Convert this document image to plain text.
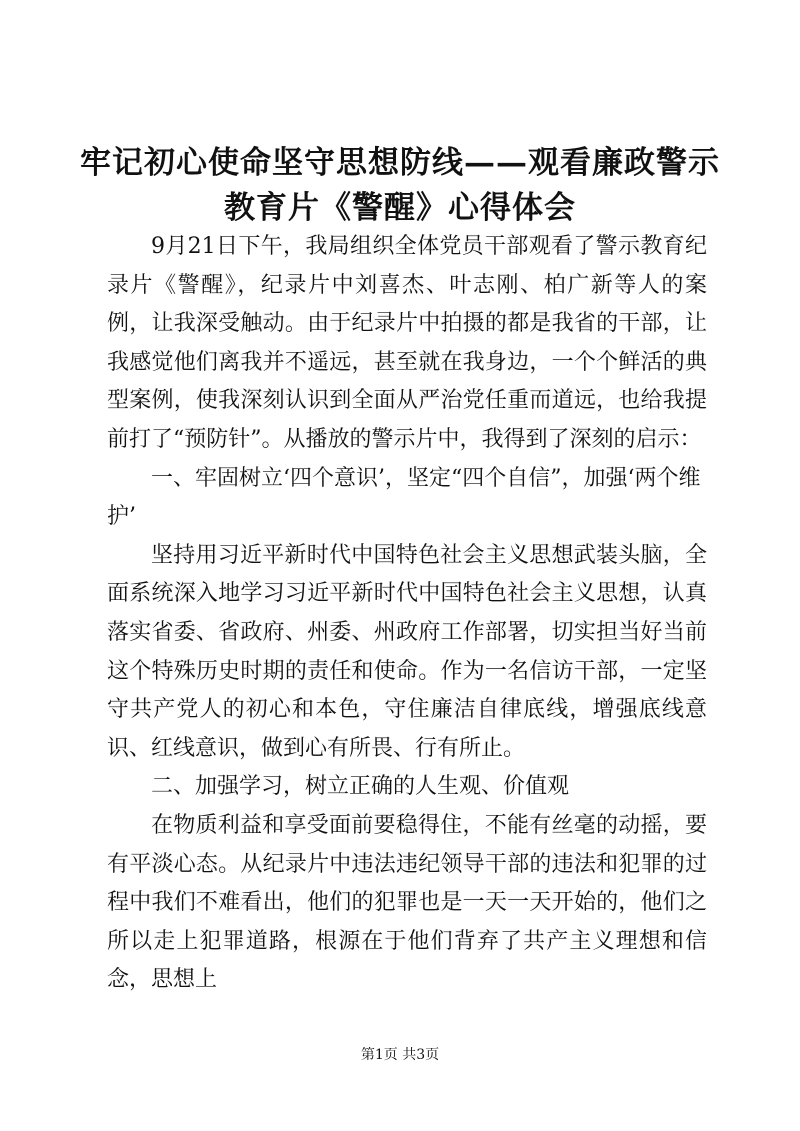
牢记初心使命坚守思想防线——观看廉政警示
教育片《警醒》心得体会

9月21日下午，我局组织全体党员干部观看了警示教育纪录片《警醒》，纪录片中刘喜杰、叶志刚、柏广新等人的案例，让我深受触动。由于纪录片中拍摄的都是我省的干部，让我感觉他们离我并不遥远，甚至就在我身边，一个个鲜活的典型案例，使我深刻认识到全面从严治党任重而道远，也给我提前打了“预防针”。从播放的警示片中，我得到了深刻的启示：

一、牢固树立‘四个意识’，坚定“四个自信”，加强‘两个维护’

坚持用习近平新时代中国特色社会主义思想武装头脑，全面系统深入地学习习近平新时代中国特色社会主义思想，认真落实省委、省政府、州委、州政府工作部署，切实担当好当前这个特殊历史时期的责任和使命。作为一名信访干部，一定坚守共产党人的初心和本色，守住廉洁自律底线，增强底线意识、红线意识，做到心有所畏、行有所止。

二、加强学习，树立正确的人生观、价值观

在物质利益和享受面前要稳得住，不能有丝毫的动摇，要有平淡心态。从纪录片中违法违纪领导干部的违法和犯罪的过程中我们不难看出，他们的犯罪也是一天一天开始的，他们之所以走上犯罪道路，根源在于他们背弃了共产主义理想和信念，思想上

第1页 共3页
